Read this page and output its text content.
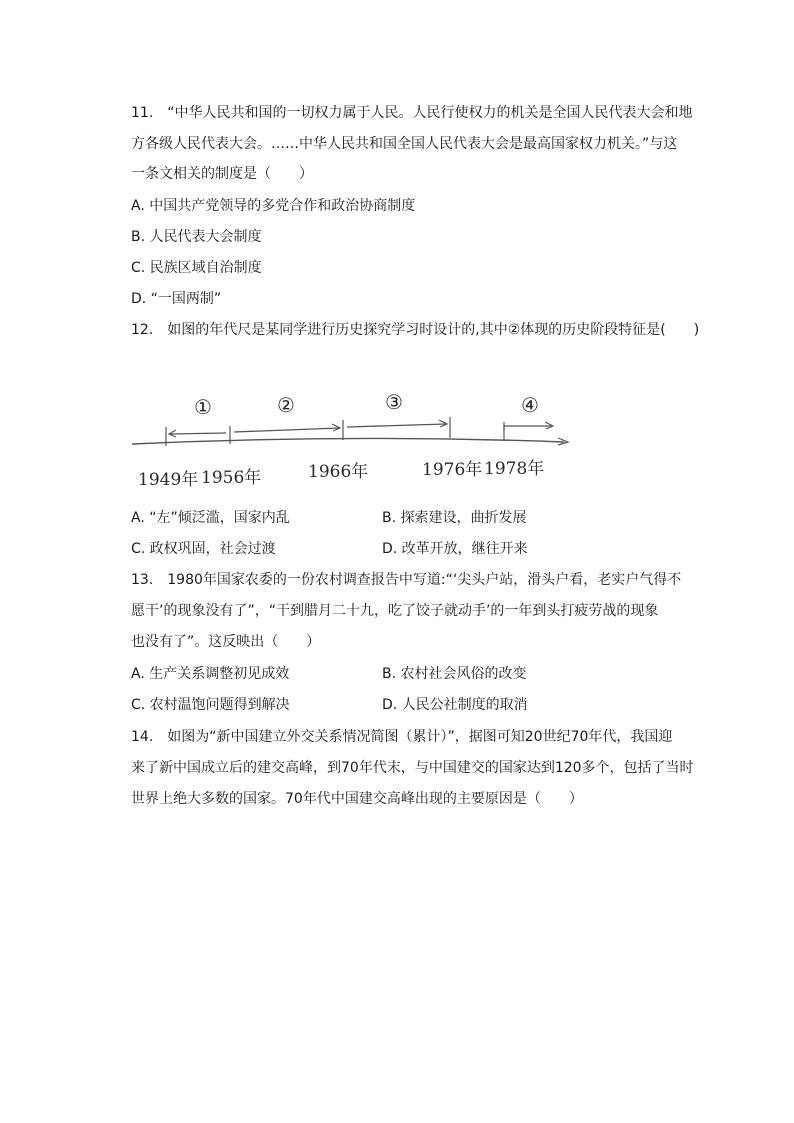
11.　“中华人民共和国的一切权力属于人民。人民行使权力的机关是全国人民代表大会和地
方各级人民代表大会。……中华人民共和国全国人民代表大会是最高国家权力机关。”与这
一条文相关的制度是（　　）
A. 中国共产党领导的多党合作和政治协商制度
B. 人民代表大会制度
C. 民族区域自治制度
D. “一国两制”
12.　如图的年代尺是某同学进行历史探究学习时设计的,其中②体现的历史阶段特征是(　　)
①	②	③	④
1949年 1956年	1966年	1976年 1978年
A. “左”倾泛滥，国家内乱	B. 探索建设，曲折发展
C. 政权巩固，社会过渡	D. 改革开放，继往开来
13.　1980年国家农委的一份农村调查报告中写道:“‘尖头户站，滑头户看，老实户气得不
愿干’的现象没有了”，“干到腊月二十九，吃了饺子就动手’的一年到头打疲劳战的现象
也没有了”。这反映出（　　）
A. 生产关系调整初见成效	B. 农村社会风俗的改变
C. 农村温饱问题得到解决	D. 人民公社制度的取消
14.　如图为“新中国建立外交关系情况简图（累计）”，据图可知20世纪70年代，我国迎
来了新中国成立后的建交高峰，到70年代末，与中国建交的国家达到120多个，包括了当时
世界上绝大多数的国家。70年代中国建交高峰出现的主要原因是（　　）
